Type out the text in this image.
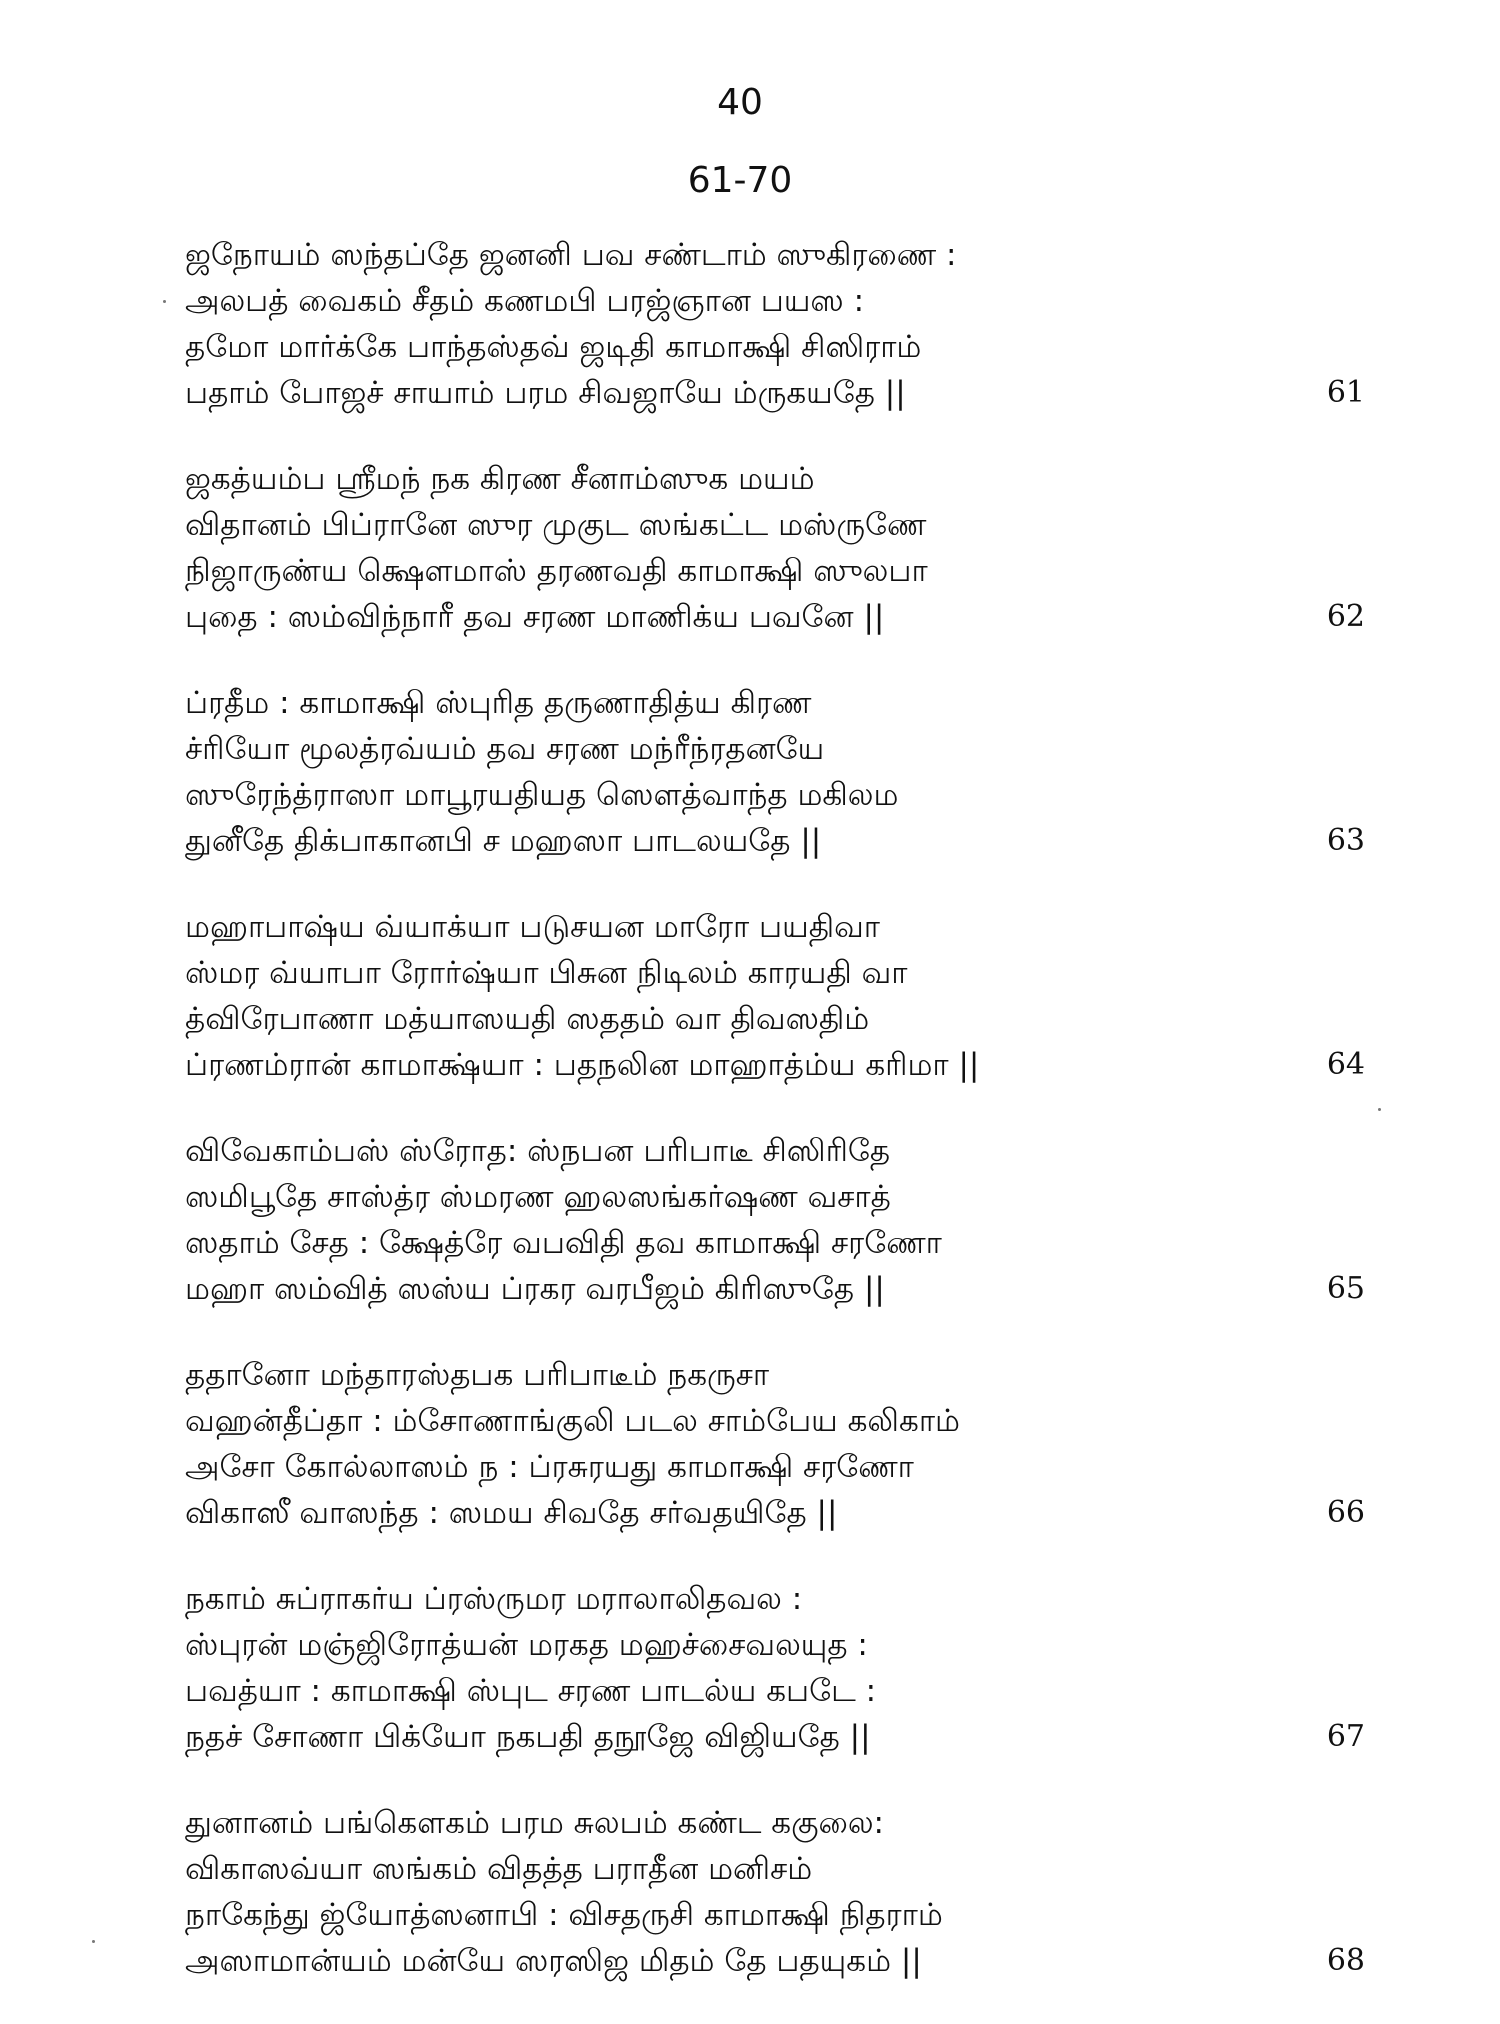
40
61-70
ஜநோயம் ஸந்தப்தே ஜனனி பவ சண்டாம் ஸுகிரணை :
அலபத் வைகம் சீதம் கணமபி பரஜ்ஞான பயஸ :
தமோ மார்க்கே பாந்தஸ்தவ் ஜடிதி காமாக்ஷி சிஸிராம்
பதாம் போஜச் சாயாம் பரம சிவஜாயே ம்ருகயதே ||	61
ஜகத்யம்ப ஸ்ரீமந் நக கிரண சீனாம்ஸுக மயம்
விதானம் பிப்ரானே ஸுர முகுட ஸங்கட்ட மஸ்ருணே
நிஜாருண்ய க்ஷௌமாஸ் தரணவதி காமாக்ஷி ஸுலபா
புதை : ஸம்விந்நாரீ தவ சரண மாணிக்ய பவனே ||	62
ப்ரதீம : காமாக்ஷி ஸ்புரித தருணாதித்ய கிரண
ச்ரியோ மூலத்ரவ்யம் தவ சரண மந்ரீந்ரதனயே
ஸுரேந்த்ராஸா மாபூரயதியத ஸௌத்வாந்த மகிலம
துனீதே திக்பாகானபி ச மஹஸா பாடலயதே ||	63
மஹாபாஷ்ய வ்யாக்யா படுசயன மாரோ பயதிவா
ஸ்மர வ்யாபா ரோர்ஷ்யா பிசுன நிடிலம் காரயதி வா
த்விரேபாணா மத்யாஸயதி ஸததம் வா திவஸதிம்
ப்ரணம்ரான் காமாக்ஷ்யா : பதநலின மாஹாத்ம்ய கரிமா ||	64
விவேகாம்பஸ் ஸ்ரோத: ஸ்நபன பரிபாடீ சிஸிரிதே
ஸமிபூதே சாஸ்த்ர ஸ்மரண ஹலஸங்கர்ஷண வசாத்
ஸதாம் சேத : க்ஷேத்ரே வபவிதி தவ காமாக்ஷி சரணோ
மஹா ஸம்வித் ஸஸ்ய ப்ரகர வரபீஜம் கிரிஸுதே ||	65
ததானோ மந்தாரஸ்தபக பரிபாடீம் நகருசா
வஹன்தீப்தா : ம்சோணாங்குலி படல சாம்பேய கலிகாம்
அசோ கோல்லாஸம் ந : ப்ரசுரயது காமாக்ஷி சரணோ
விகாஸீ வாஸந்த : ஸமய சிவதே சர்வதயிதே ||	66
நகாம் சுப்ராகர்ய ப்ரஸ்ருமர மராலாலிதவல :
ஸ்புரன் மஞ்ஜிரோத்யன் மரகத மஹச்சைவலயுத :
பவத்யா : காமாக்ஷி ஸ்புட சரண பாடல்ய கபடே :
நதச் சோணா பிக்யோ நகபதி தநூஜே விஜியதே ||	67
துனானம் பங்கௌகம் பரம சுலபம் கண்ட ககுலை:
விகாஸவ்யா ஸங்கம் விதத்த பராதீன மனிசம்
நாகேந்து ஜ்யோத்ஸனாபி : விசதருசி காமாக்ஷி நிதராம்
அஸாமான்யம் மன்யே ஸரஸிஜ மிதம் தே பதயுகம் ||	68
